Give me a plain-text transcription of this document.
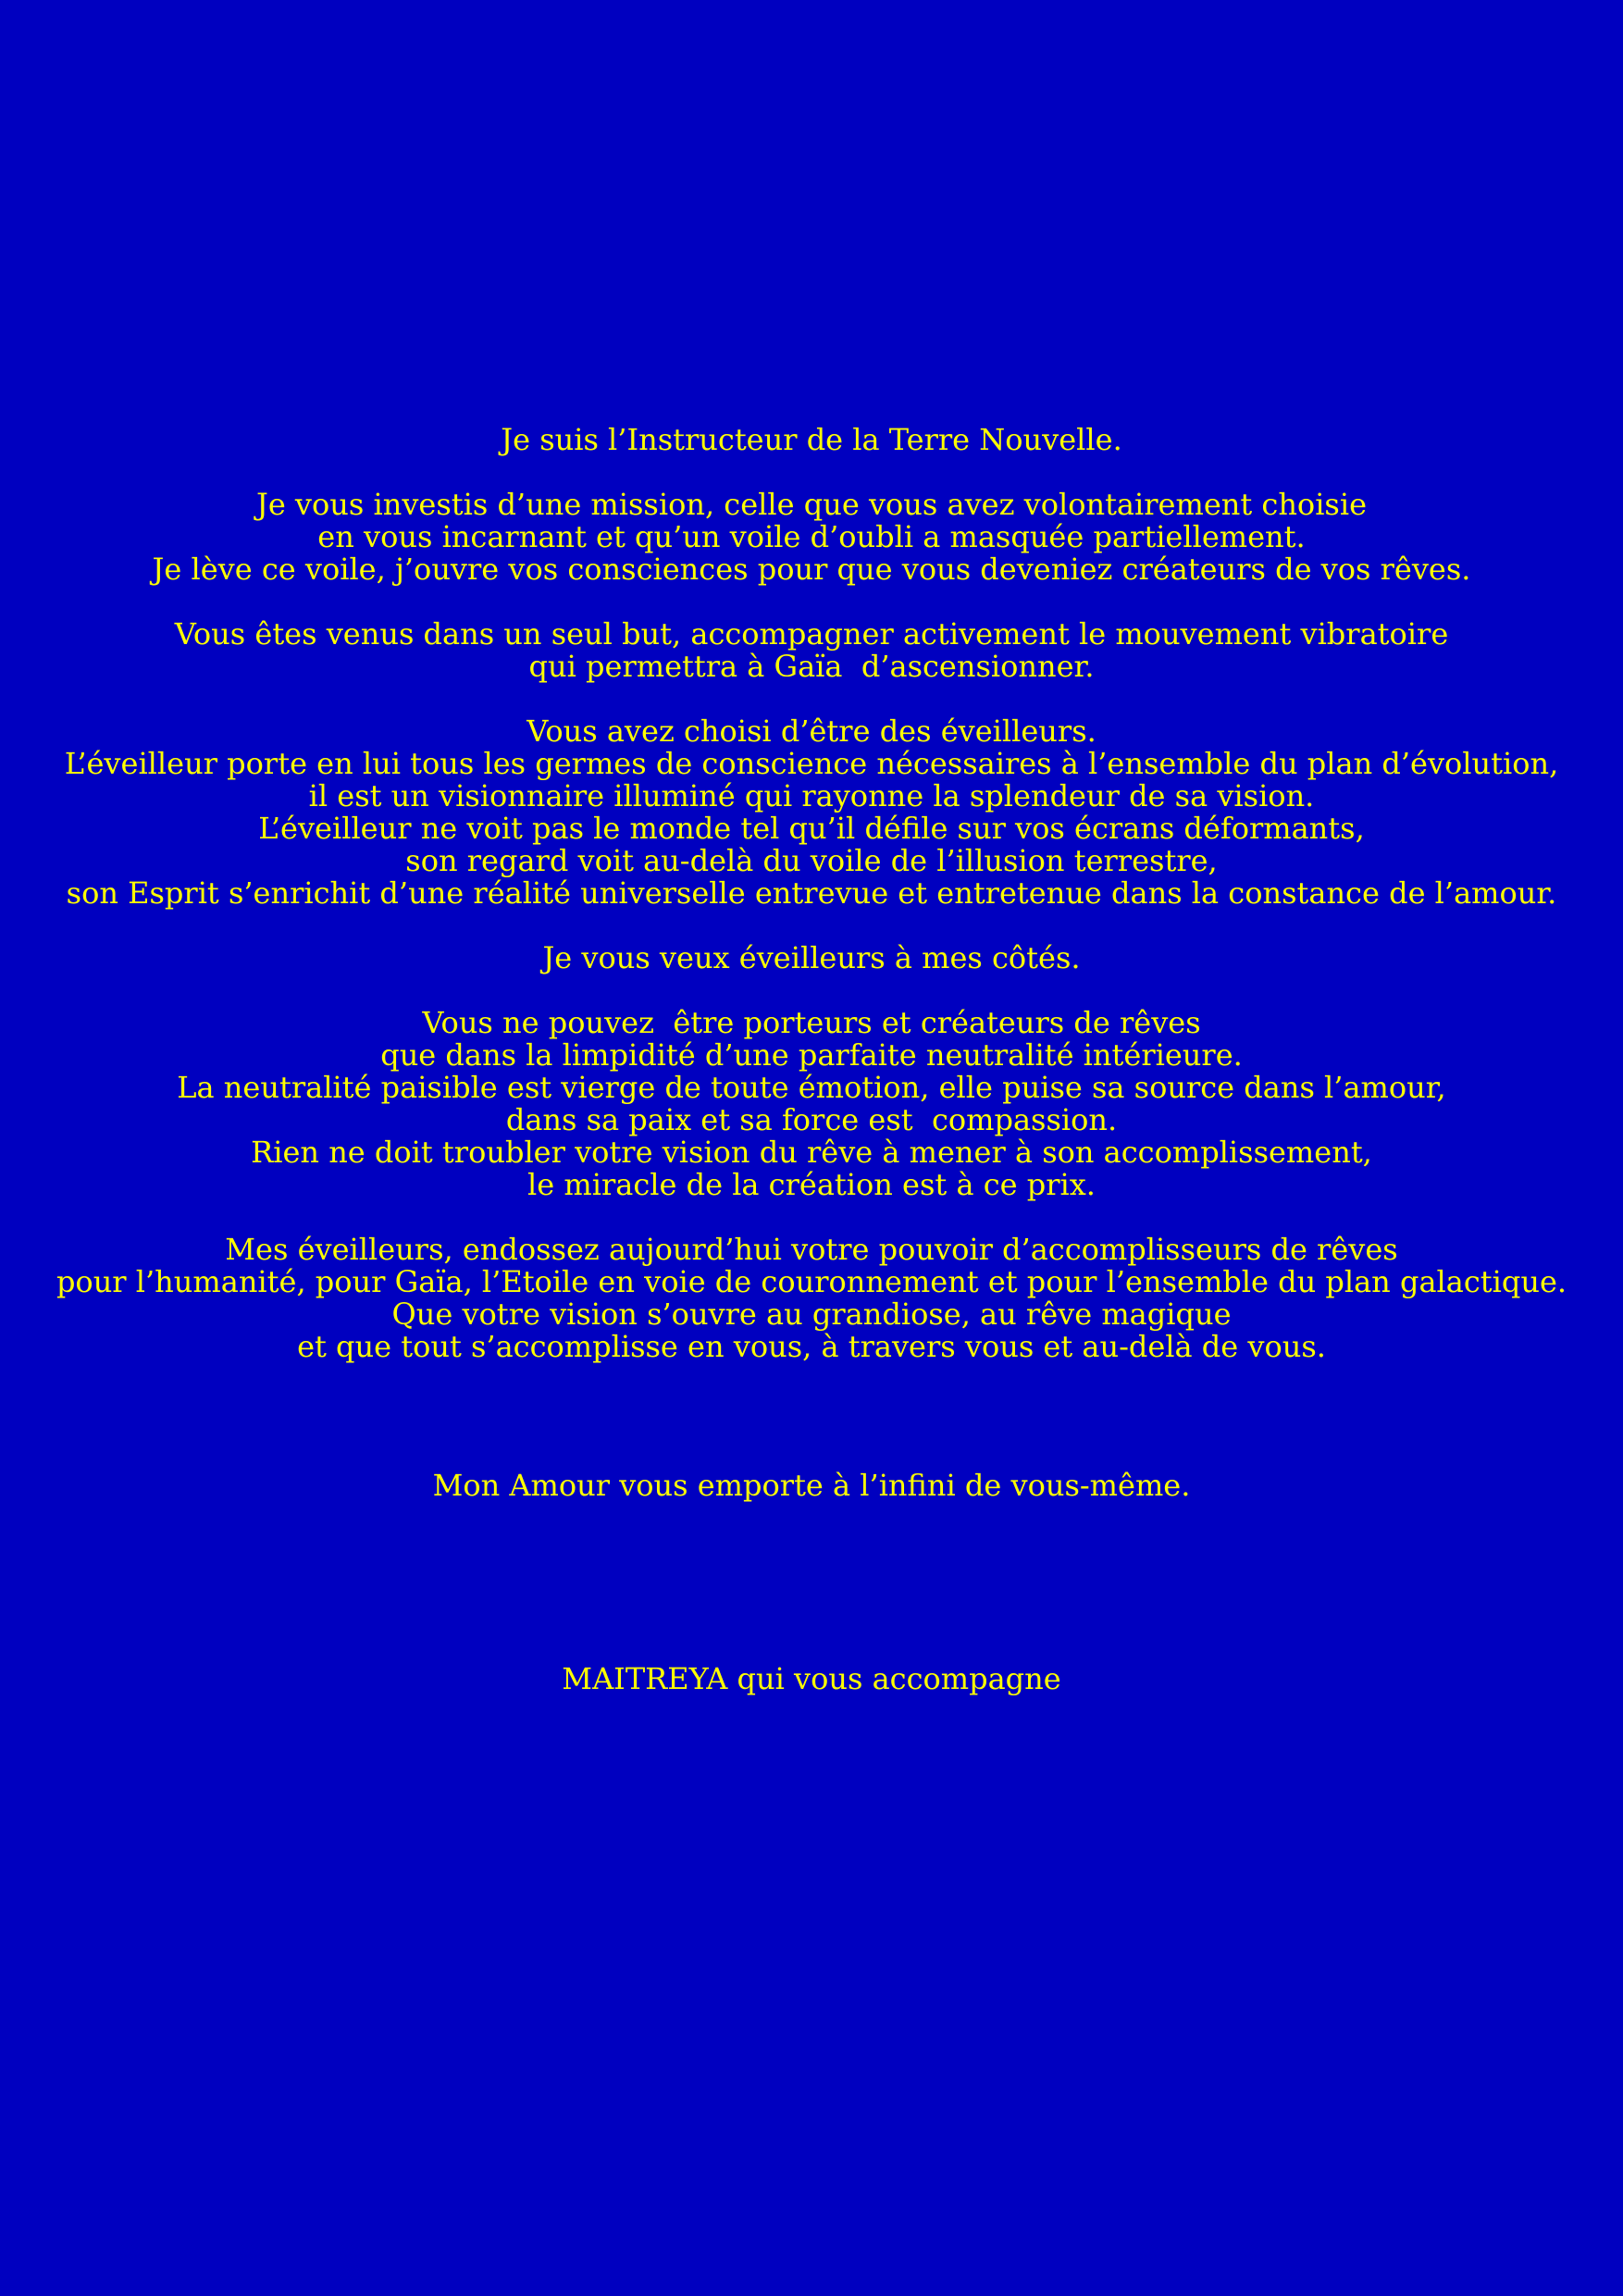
Je suis l’Instructeur de la Terre Nouvelle.

Je vous investis d’une mission, celle que vous avez volontairement choisie
en vous incarnant et qu’un voile d’oubli a masquée partiellement.
Je lève ce voile, j’ouvre vos consciences pour que vous deveniez créateurs de vos rêves.

Vous êtes venus dans un seul but, accompagner activement le mouvement vibratoire
qui permettra à Gaïa  d’ascensionner.

Vous avez choisi d’être des éveilleurs.
L’éveilleur porte en lui tous les germes de conscience nécessaires à l’ensemble du plan d’évolution,
il est un visionnaire illuminé qui rayonne la splendeur de sa vision.
L’éveilleur ne voit pas le monde tel qu’il défile sur vos écrans déformants,
son regard voit au-delà du voile de l’illusion terrestre,
son Esprit s’enrichit d’une réalité universelle entrevue et entretenue dans la constance de l’amour.

Je vous veux éveilleurs à mes côtés.

Vous ne pouvez  être porteurs et créateurs de rêves
que dans la limpidité d’une parfaite neutralité intérieure.
La neutralité paisible est vierge de toute émotion, elle puise sa source dans l’amour,
dans sa paix et sa force est  compassion.
Rien ne doit troubler votre vision du rêve à mener à son accomplissement,
le miracle de la création est à ce prix.

Mes éveilleurs, endossez aujourd’hui votre pouvoir d’accomplisseurs de rêves
pour l’humanité, pour Gaïa, l’Etoile en voie de couronnement et pour l’ensemble du plan galactique.
Que votre vision s’ouvre au grandiose, au rêve magique
et que tout s’accomplisse en vous, à travers vous et au-delà de vous.

Mon Amour vous emporte à l’infini de vous-même.
MAITREYA qui vous accompagne
